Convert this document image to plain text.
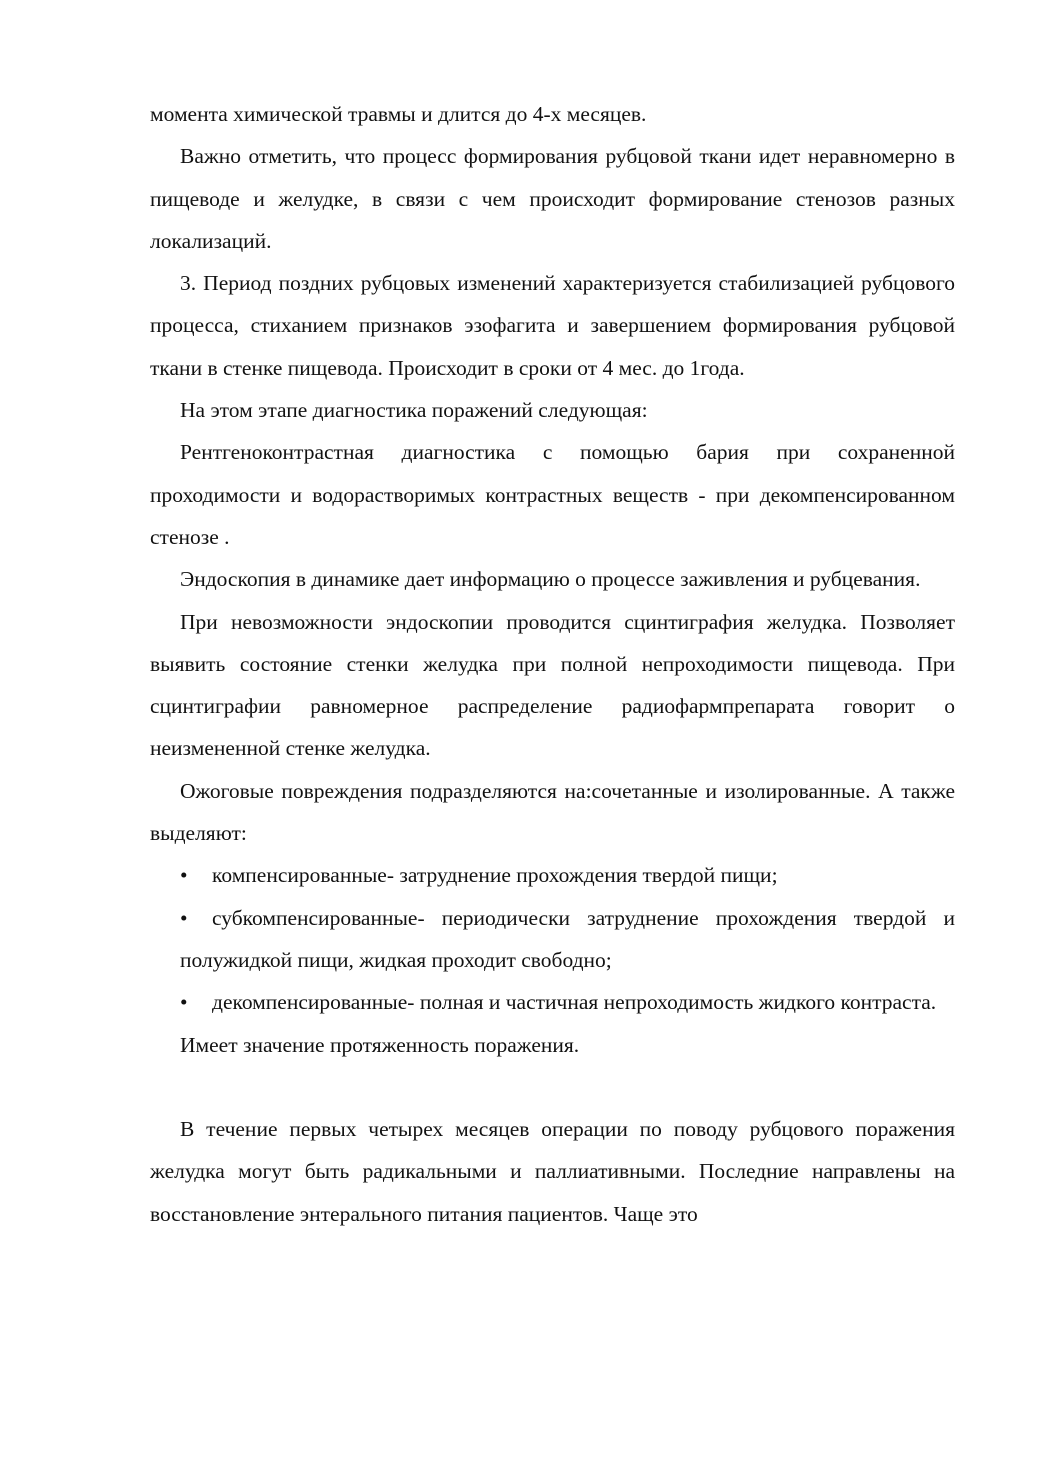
момента химической травмы и длится до 4-х месяцев.

Важно отметить, что процесс формирования рубцовой ткани идет неравномерно в пищеводе и желудке, в связи с чем происходит формирование стенозов разных локализаций.

3. Период поздних рубцовых изменений характеризуется стабилизацией рубцового процесса, стиханием признаков эзофагита и завершением формирования рубцовой ткани в стенке пищевода. Происходит в сроки от 4 мес. до 1года.

На этом этапе диагностика поражений следующая:

Рентгеноконтрастная диагностика с помощью бария при сохраненной проходимости и водорастворимых контрастных веществ - при декомпенсированном стенозе .

Эндоскопия в динамике дает информацию о процессе заживления и рубцевания.

При невозможности эндоскопии проводится сцинтиграфия желудка. Позволяет выявить состояние стенки желудка при полной непроходимости пищевода. При сцинтиграфии равномерное распределение радиофармпрепарата говорит о неизмененной стенке желудка.

Ожоговые повреждения подразделяются на:сочетанные и изолированные. А также выделяют:

•	компенсированные- затруднение прохождения твердой пищи;
•	субкомпенсированные- периодически затруднение прохождения твердой и полужидкой пищи, жидкая проходит свободно;
•	декомпенсированные- полная и частичная непроходимость жидкого контраста.

Имеет значение протяженность поражения.

В течение первых четырех месяцев операции по поводу рубцового поражения желудка могут быть радикальными и паллиативными. Последние направлены на восстановление энтерального питания пациентов. Чаще это
